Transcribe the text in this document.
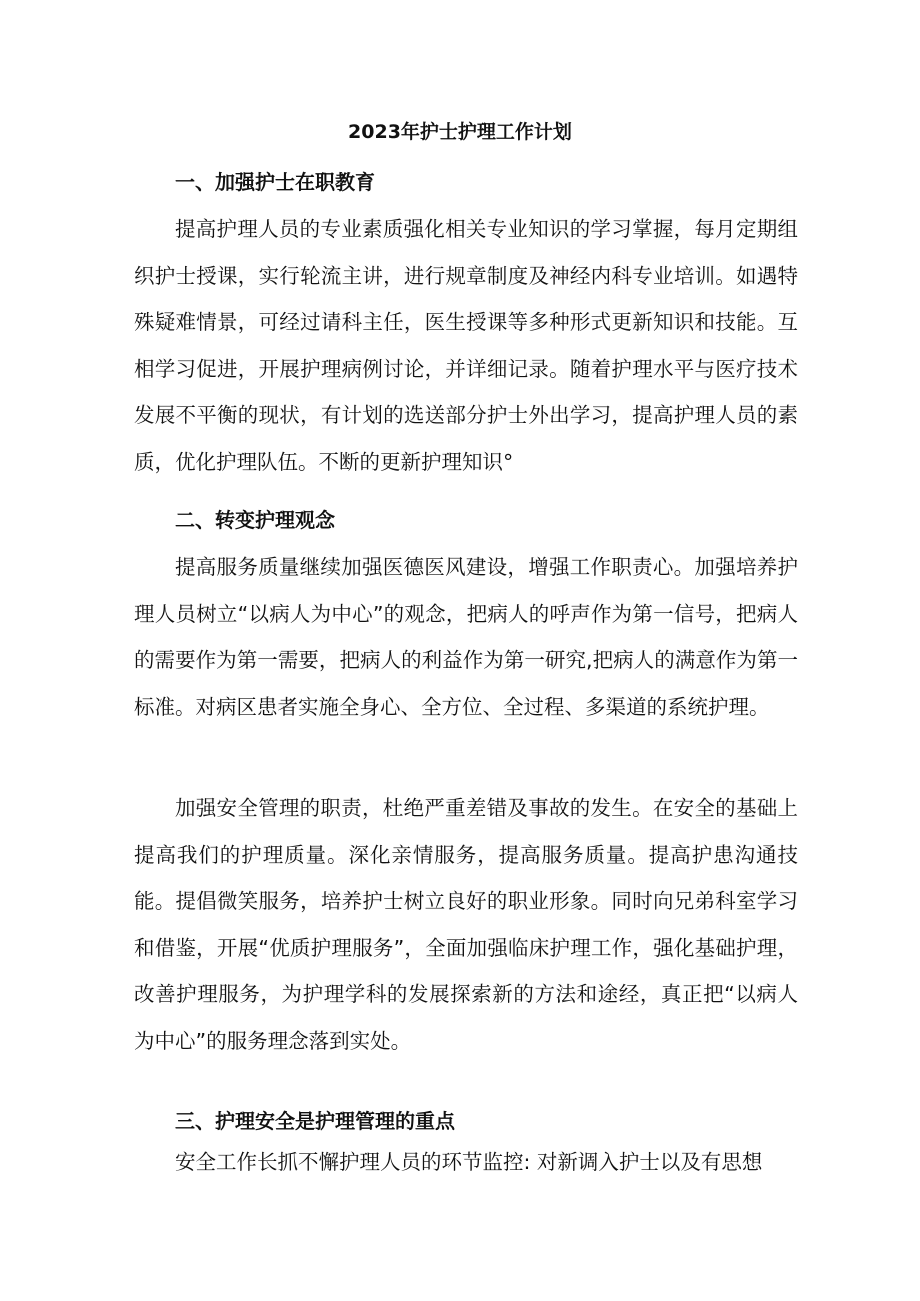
2023年护士护理工作计划
一、加强护士在职教育

提高护理人员的专业素质强化相关专业知识的学习掌握，每月定期组织护士授课，实行轮流主讲，进行规章制度及神经内科专业培训。如遇特殊疑难情景，可经过请科主任，医生授课等多种形式更新知识和技能。互相学习促进，开展护理病例讨论，并详细记录。随着护理水平与医疗技术发展不平衡的现状，有计划的选送部分护士外出学习，提高护理人员的素质，优化护理队伍。不断的更新护理知识°

二、转变护理观念

提高服务质量继续加强医德医风建设，增强工作职责心。加强培养护理人员树立“以病人为中心”的观念，把病人的呼声作为第一信号，把病人的需要作为第一需要，把病人的利益作为第一研究,把病人的满意作为第一标准。对病区患者实施全身心、全方位、全过程、多渠道的系统护理。

加强安全管理的职责，杜绝严重差错及事故的发生。在安全的基础上提高我们的护理质量。深化亲情服务，提高服务质量。提高护患沟通技能。提倡微笑服务，培养护士树立良好的职业形象。同时向兄弟科室学习和借鉴，开展“优质护理服务”，全面加强临床护理工作，强化基础护理，改善护理服务，为护理学科的发展探索新的方法和途经，真正把“以病人为中心”的服务理念落到实处。

三、护理安全是护理管理的重点

安全工作长抓不懈护理人员的环节监控: 对新调入护士以及有思想
